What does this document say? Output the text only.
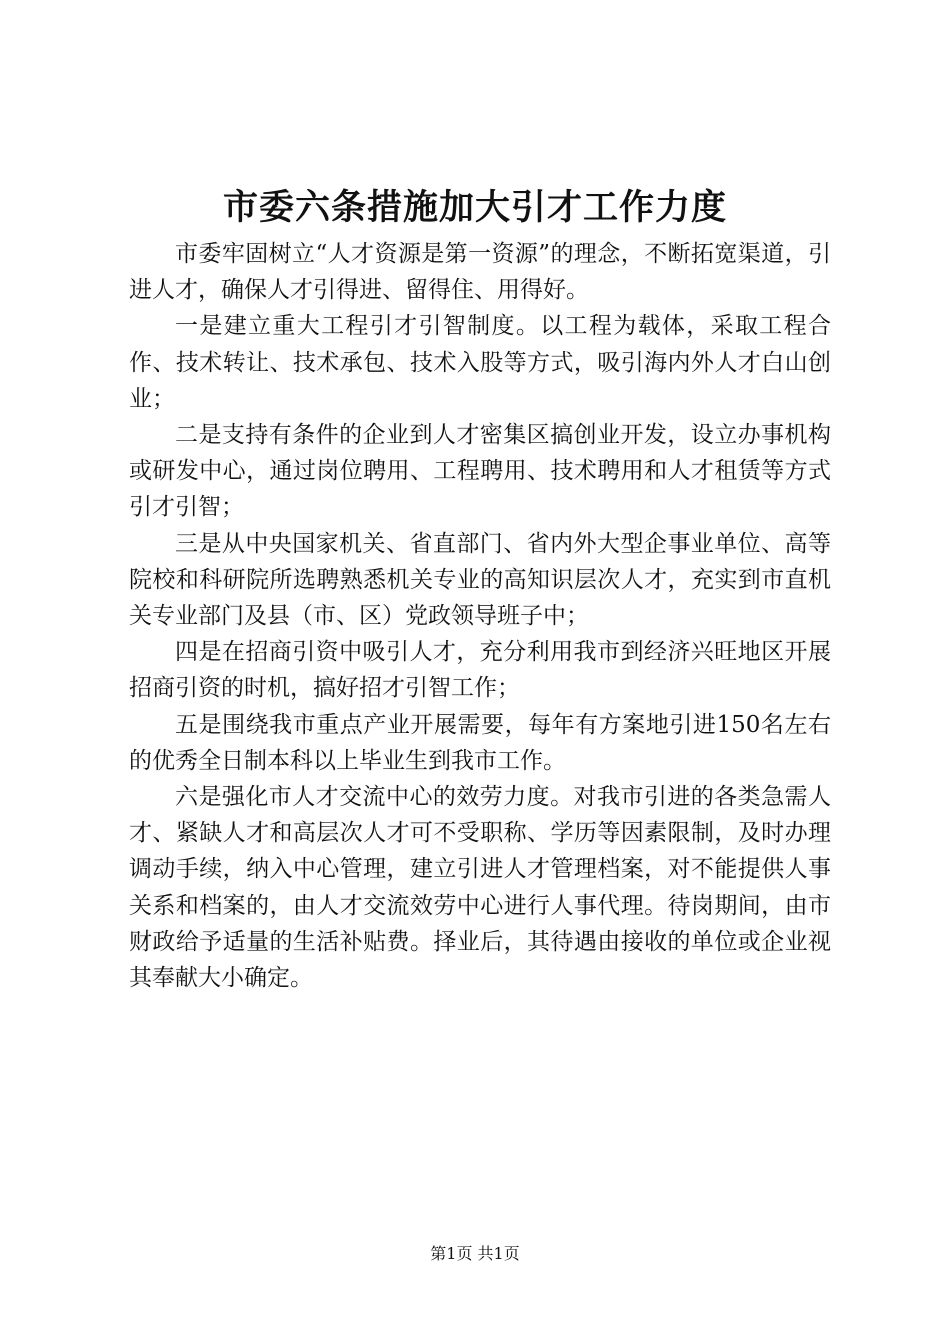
市委六条措施加大引才工作力度

市委牢固树立“人才资源是第一资源”的理念，不断拓宽渠道，引进人才，确保人才引得进、留得住、用得好。

一是建立重大工程引才引智制度。以工程为载体，采取工程合作、技术转让、技术承包、技术入股等方式，吸引海内外人才白山创业；

二是支持有条件的企业到人才密集区搞创业开发，设立办事机构或研发中心，通过岗位聘用、工程聘用、技术聘用和人才租赁等方式引才引智；

三是从中央国家机关、省直部门、省内外大型企事业单位、高等院校和科研院所选聘熟悉机关专业的高知识层次人才，充实到市直机关专业部门及县（市、区）党政领导班子中；

四是在招商引资中吸引人才，充分利用我市到经济兴旺地区开展招商引资的时机，搞好招才引智工作；

五是围绕我市重点产业开展需要，每年有方案地引进150名左右的优秀全日制本科以上毕业生到我市工作。

六是强化市人才交流中心的效劳力度。对我市引进的各类急需人才、紧缺人才和高层次人才可不受职称、学历等因素限制，及时办理调动手续，纳入中心管理，建立引进人才管理档案，对不能提供人事关系和档案的，由人才交流效劳中心进行人事代理。待岗期间，由市财政给予适量的生活补贴费。择业后，其待遇由接收的单位或企业视其奉献大小确定。

第1页 共1页
